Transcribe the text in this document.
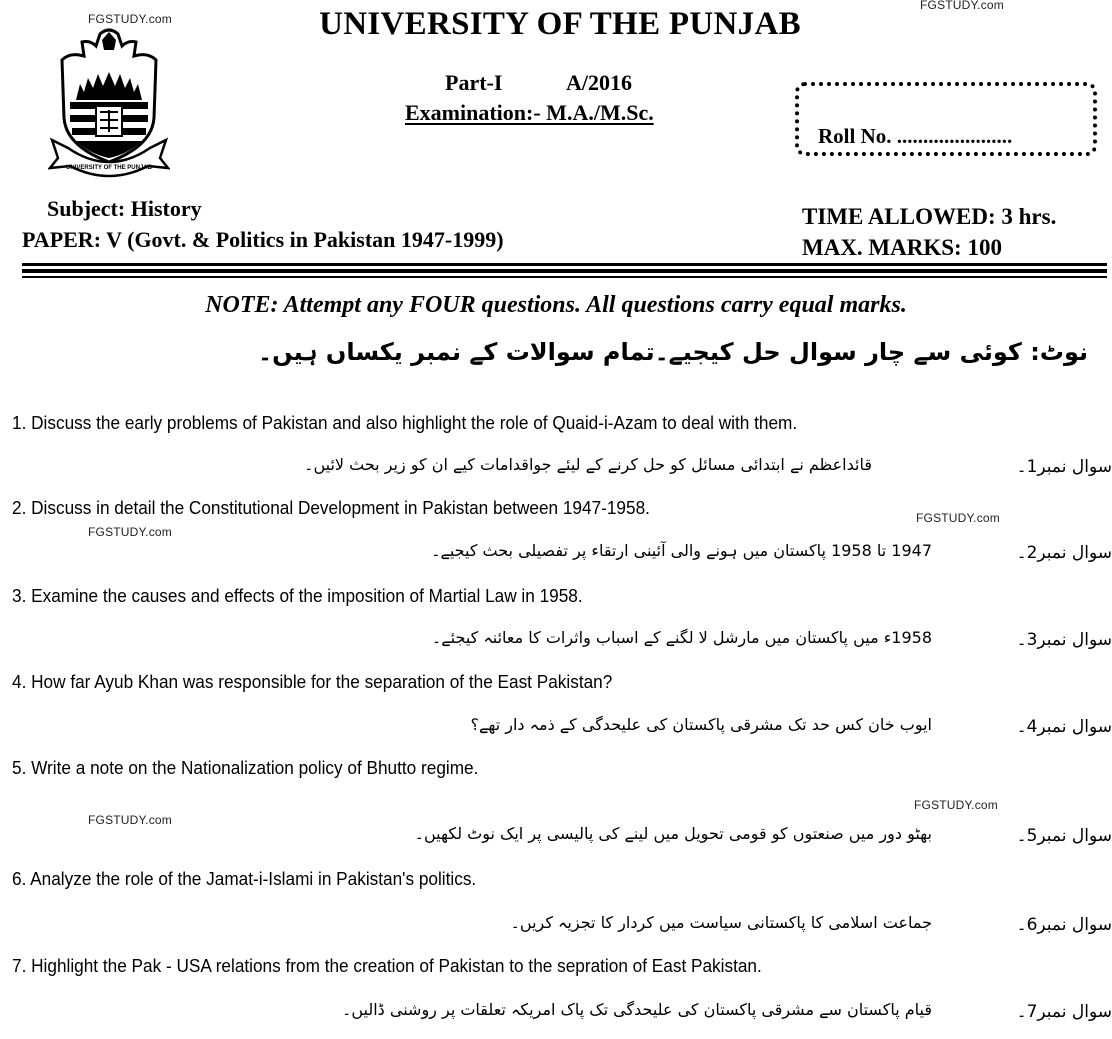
FGSTUDY.com
FGSTUDY.com
FGSTUDY.com
FGSTUDY.com
FGSTUDY.com
FGSTUDY.com
UNIVERSITY OF THE PUNJAB
UNIVERSITY OF THE PUNJAB
Part-I	A/2016
Examination:- M.A./M.Sc.
Roll No. ......................
Subject: History
PAPER: V (Govt. & Politics in Pakistan 1947-1999)
TIME ALLOWED: 3 hrs.
MAX. MARKS: 100
NOTE: Attempt any FOUR questions. All questions carry equal marks.
نوٹ: کوئی سے چار سوال حل کیجیے۔تمام سوالات کے نمبر یکساں ہیں۔
1. Discuss the early problems of Pakistan and also highlight the role of Quaid-i-Azam to deal with them.
قائداعظم نے ابتدائی مسائل کو حل کرنے کے لیئے جواقدامات کیے ان کو زیر بحث لائیں۔	سوال نمبر1۔
2. Discuss in detail the Constitutional Development in Pakistan between 1947-1958.
1947 تا 1958 پاکستان میں ہونے والی آئینی ارتقاء پر تفصیلی بحث کیجیے۔	سوال نمبر2۔
3. Examine the causes and effects of the imposition of Martial Law in 1958.
1958ء میں پاکستان میں مارشل لا لگنے کے اسباب واثرات کا معائنہ کیجئے۔	سوال نمبر3۔
4. How far Ayub Khan was responsible for the separation of the East Pakistan?
ایوب خان کس حد تک مشرقی پاکستان کی علیحدگی کے ذمہ دار تھے؟	سوال نمبر4۔
5. Write a note on the Nationalization policy of Bhutto regime.
بھٹو دور میں صنعتوں کو قومی تحویل میں لینے کی پالیسی پر ایک نوٹ لکھیں۔	سوال نمبر5۔
6. Analyze the role of the Jamat-i-Islami in Pakistan's politics.
جماعت اسلامی کا پاکستانی سیاست میں کردار کا تجزیہ کریں۔	سوال نمبر6۔
7. Highlight the Pak - USA relations from the creation of Pakistan to the sepration of East Pakistan.
قیام پاکستان سے مشرقی پاکستان کی علیحدگی تک پاک امریکہ تعلقات پر روشنی ڈالیں۔	سوال نمبر7۔
